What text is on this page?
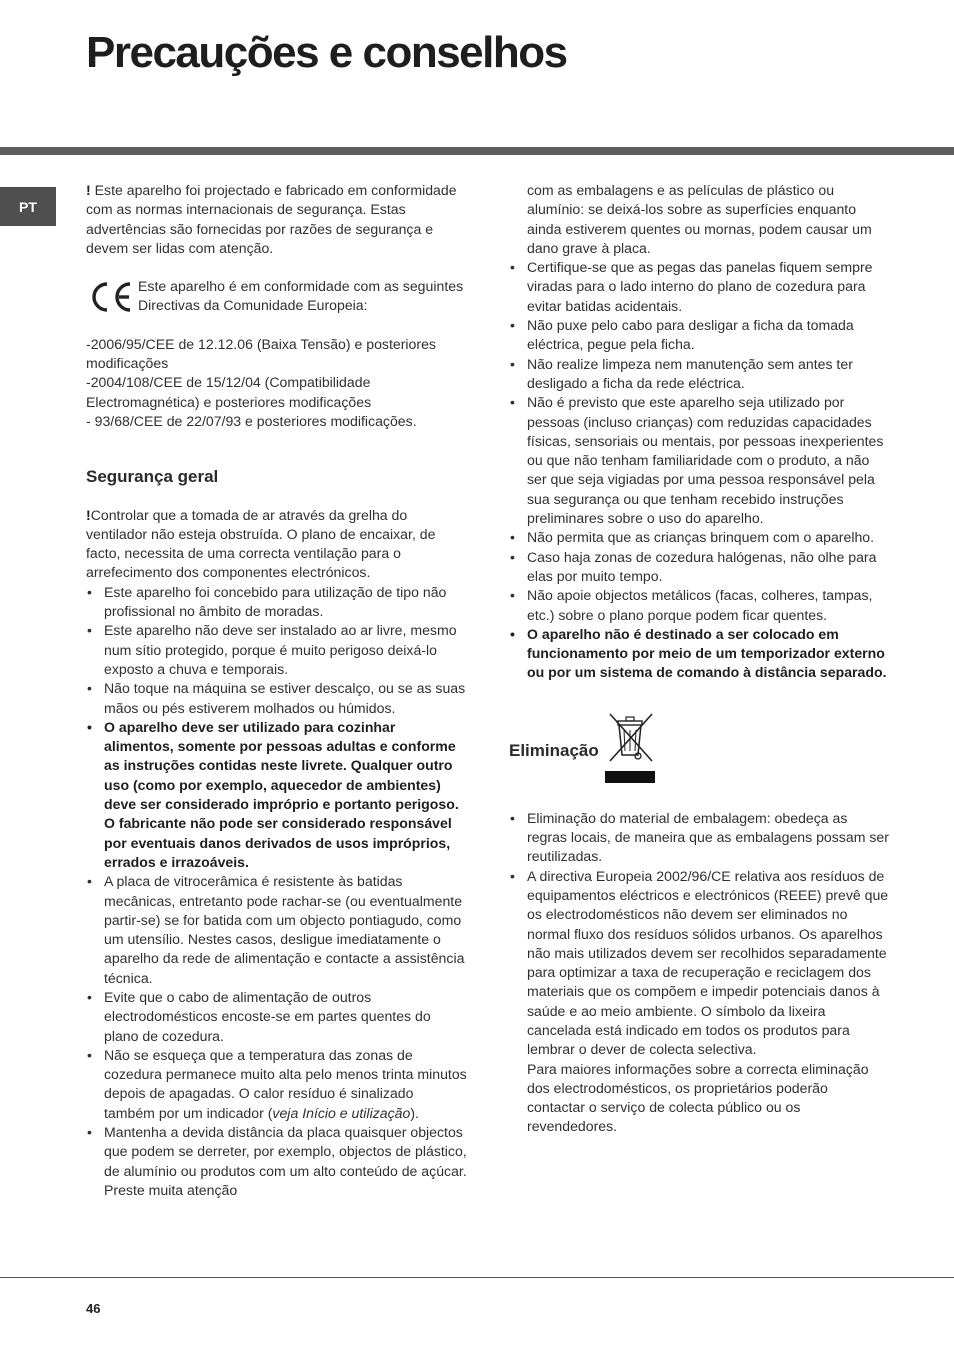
Precauções e conselhos
PT

! Este aparelho foi projectado e fabricado em conformidade com as normas internacionais de segurança. Estas advertências são fornecidas por razões de segurança e devem ser lidas com atenção.

Este aparelho é em conformidade com as seguintes Directivas da Comunidade Europeia:

-2006/95/CEE de 12.12.06 (Baixa Tensão) e posteriores modificações

-2004/108/CEE de 15/12/04 (Compatibilidade Electromagnética) e posteriores modificações

- 93/68/CEE de 22/07/93 e posteriores modificações.

Segurança geral

!Controlar que a tomada de ar através da grelha do ventilador não esteja obstruída. O plano de encaixar, de facto, necessita de uma correcta ventilação para o arrefecimento dos componentes electrónicos.

• Este aparelho foi concebido para utilização de tipo não profissional no âmbito de moradas.
• Este aparelho não deve ser instalado ao ar livre, mesmo num sítio protegido, porque é muito perigoso deixá-lo exposto a chuva e temporais.
• Não toque na máquina se estiver descalço, ou se as suas mãos ou pés estiverem molhados ou húmidos.
• O aparelho deve ser utilizado para cozinhar alimentos, somente por pessoas adultas e conforme as instruções contidas neste livrete. Qualquer outro uso (como por exemplo, aquecedor de ambientes) deve ser considerado impróprio e portanto perigoso. O fabricante não pode ser considerado responsável por eventuais danos derivados de usos impróprios, errados e irrazoáveis.
• A placa de vitrocerâmica é resistente às batidas mecânicas, entretanto pode rachar-se (ou eventualmente partir-se) se for batida com um objecto pontiagudo, como um utensílio. Nestes casos, desligue imediatamente o aparelho da rede de alimentação e contacte a assistência técnica.
• Evite que o cabo de alimentação de outros electrodomésticos encoste-se em partes quentes do plano de cozedura.
• Não se esqueça que a temperatura das zonas de cozedura permanece muito alta pelo menos trinta minutos depois de apagadas. O calor resíduo é sinalizado também por um indicador (veja Início e utilização).
• Mantenha a devida distância da placa quaisquer objectos que podem se derreter, por exemplo, objectos de plástico, de alumínio ou produtos com um alto conteúdo de açúcar. Preste muita atenção

com as embalagens e as películas de plástico ou alumínio: se deixá-los sobre as superfícies enquanto ainda estiverem quentes ou mornas, podem causar um dano grave à placa.

• Certifique-se que as pegas das panelas fiquem sempre viradas para o lado interno do plano de cozedura para evitar batidas acidentais.
• Não puxe pelo cabo para desligar a ficha da tomada eléctrica, pegue pela ficha.
• Não realize limpeza nem manutenção sem antes ter desligado a ficha da rede eléctrica.
• Não é previsto que este aparelho seja utilizado por pessoas (incluso crianças) com reduzidas capacidades físicas, sensoriais ou mentais, por pessoas inexperientes ou que não tenham familiaridade com o produto, a não ser que seja vigiadas por uma pessoa responsável pela sua segurança ou que tenham recebido instruções preliminares sobre o uso do aparelho.
• Não permita que as crianças brinquem com o aparelho.
• Caso haja zonas de cozedura halógenas, não olhe para elas por muito tempo.
• Não apoie objectos metálicos (facas, colheres, tampas, etc.) sobre o plano porque podem ficar quentes.
• O aparelho não é destinado a ser colocado em funcionamento por meio de um temporizador externo ou por um sistema de comando à distância separado.
Eliminação
• Eliminação do material de embalagem: obedeça as regras locais, de maneira que as embalagens possam ser reutilizadas.
• A directiva Europeia 2002/96/CE relativa aos resíduos de equipamentos eléctricos e electrónicos (REEE) prevê que os electrodomésticos não devem ser eliminados no normal fluxo dos resíduos sólidos urbanos. Os aparelhos não mais utilizados devem ser recolhidos separadamente para optimizar a taxa de recuperação e reciclagem dos materiais que os compõem e impedir potenciais danos à saúde e ao meio ambiente. O símbolo da lixeira cancelada está indicado em todos os produtos para lembrar o dever de colecta selectiva.
Para maiores informações sobre a correcta eliminação dos electrodomésticos, os proprietários poderão contactar o serviço de colecta público ou os revendedores.
46
